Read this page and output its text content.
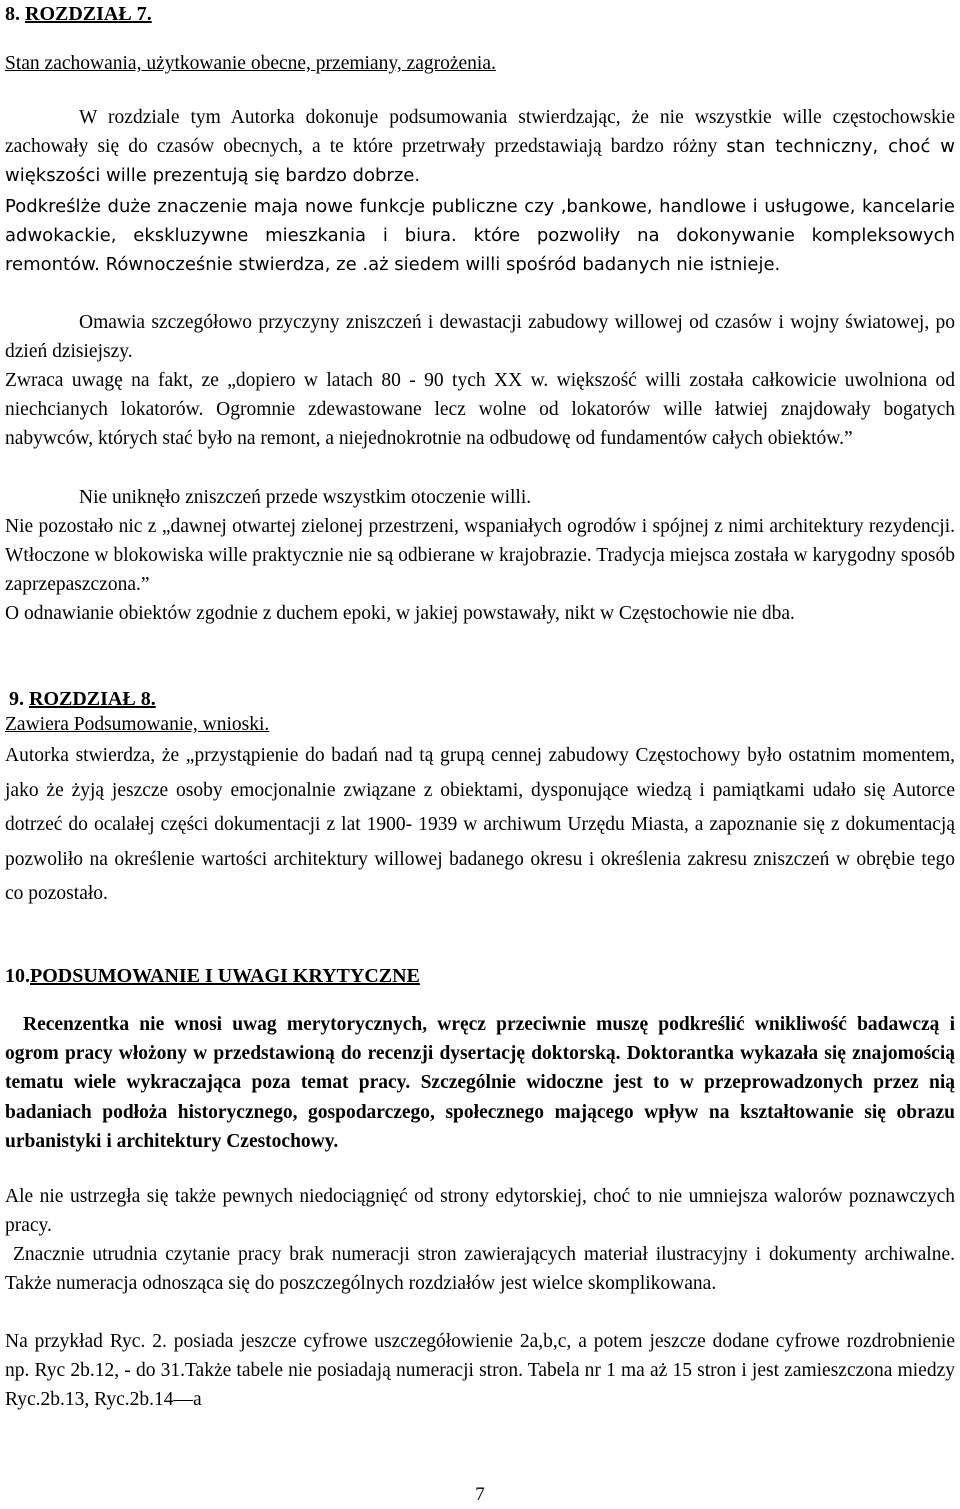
8. ROZDZIAŁ 7.
Stan zachowania, użytkowanie obecne, przemiany, zagrożenia.

W rozdziale tym Autorka dokonuje podsumowania stwierdzając, że nie wszystkie wille częstochowskie zachowały się do czasów obecnych, a te które przetrwały przedstawiają bardzo różny stan techniczny, choć w większości wille prezentują się bardzo dobrze.

Podkreślże duże znaczenie maja nowe funkcje publiczne czy ,bankowe, handlowe i usługowe, kancelarie adwokackie, ekskluzywne mieszkania i biura. które pozwoliły na dokonywanie kompleksowych remontów. Równocześnie stwierdza, ze .aż siedem willi spośród badanych nie istnieje.

Omawia szczegółowo przyczyny zniszczeń i dewastacji zabudowy willowej od czasów i wojny światowej, po dzień dzisiejszy.

Zwraca uwagę na fakt, ze „dopiero w latach 80 - 90 tych XX w. większość willi została całkowicie uwolniona od niechcianych lokatorów. Ogromnie zdewastowane lecz wolne od lokatorów wille łatwiej znajdowały bogatych nabywców, których stać było na remont, a niejednokrotnie na odbudowę od fundamentów całych obiektów.”

Nie uniknęło zniszczeń przede wszystkim otoczenie willi.

Nie pozostało nic z „dawnej otwartej zielonej przestrzeni, wspaniałych ogrodów i spójnej z nimi architektury rezydencji. Wtłoczone w blokowiska wille praktycznie nie są odbierane w krajobrazie. Tradycja miejsca została w karygodny sposób zaprzepaszczona.”

O odnawianie obiektów zgodnie z duchem epoki, w jakiej powstawały, nikt w Częstochowie nie dba.

9. ROZDZIAŁ 8.
Zawiera Podsumowanie, wnioski.

Autorka stwierdza, że „przystąpienie do badań nad tą grupą cennej zabudowy Częstochowy było ostatnim momentem, jako że żyją jeszcze osoby emocjonalnie związane z obiektami, dysponujące wiedzą i pamiątkami udało się Autorce dotrzeć do ocalałej części dokumentacji z lat 1900- 1939 w archiwum Urzędu Miasta, a zapoznanie się z dokumentacją pozwoliło na określenie wartości architektury willowej badanego okresu i określenia zakresu zniszczeń w obrębie tego co pozostało.

10.PODSUMOWANIE I UWAGI KRYTYCZNE

Recenzentka nie wnosi uwag merytorycznych, wręcz przeciwnie muszę podkreślić wnikliwość badawczą i ogrom pracy włożony w przedstawioną do recenzji dysertację doktorską. Doktorantka wykazała się znajomością tematu wiele wykraczająca poza temat pracy. Szczególnie widoczne jest to w przeprowadzonych przez nią badaniach podłoża historycznego, gospodarczego, społecznego mającego wpływ na kształtowanie się obrazu urbanistyki i architektury Czestochowy.

Ale nie ustrzegła się także pewnych niedociągnięć od strony edytorskiej, choć to nie umniejsza walorów poznawczych pracy.

Znacznie utrudnia czytanie pracy brak numeracji stron zawierających materiał ilustracyjny i dokumenty archiwalne. Także numeracja odnosząca się do poszczególnych rozdziałów jest wielce skomplikowana.

Na przykład Ryc. 2. posiada jeszcze cyfrowe uszczegółowienie 2a,b,c, a potem jeszcze dodane cyfrowe rozdrobnienie np. Ryc 2b.12, - do 31.Także tabele nie posiadają numeracji stron. Tabela nr 1 ma aż 15 stron i jest zamieszczona miedzy Ryc.2b.13, Ryc.2b.14—a

7
